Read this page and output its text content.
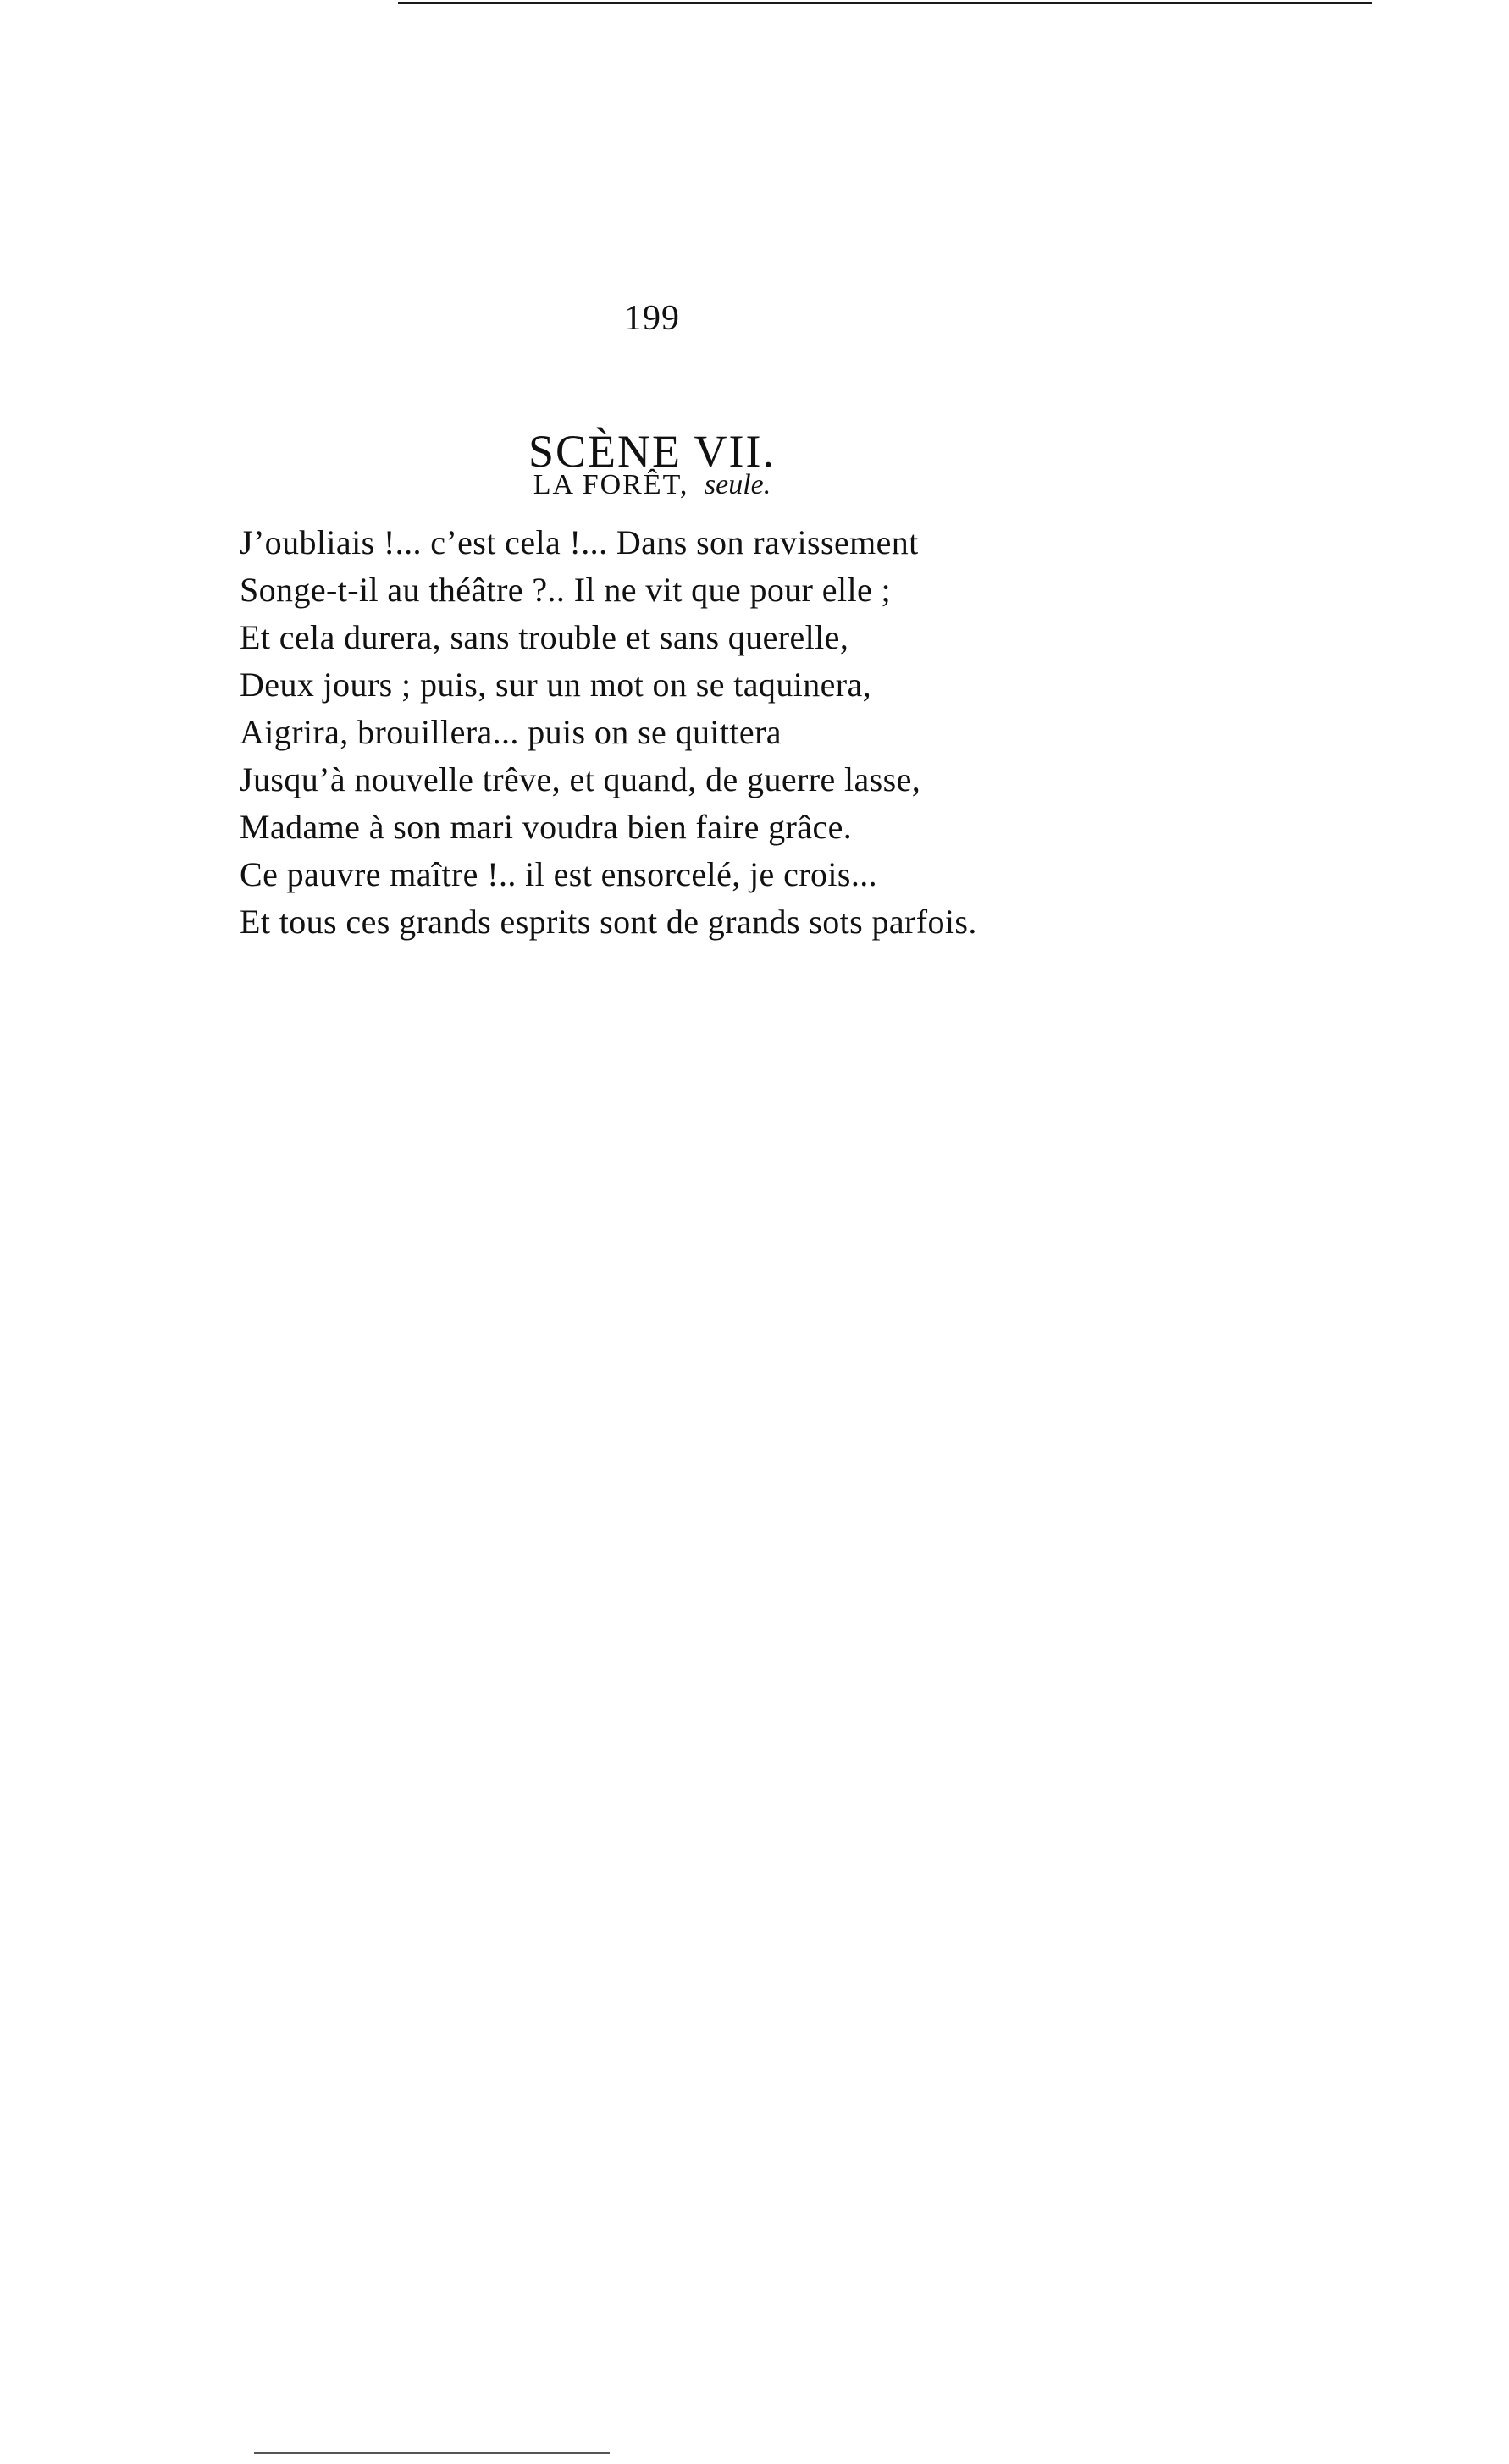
199
SCÈNE VII.
LA FORÊT, seule.
J’oubliais !... c’est cela !... Dans son ravissement
Songe-t-il au théâtre ?.. Il ne vit que pour elle ;
Et cela durera, sans trouble et sans querelle,
Deux jours ; puis, sur un mot on se taquinera,
Aigrira, brouillera... puis on se quittera
Jusqu’à nouvelle trêve, et quand, de guerre lasse,
Madame à son mari voudra bien faire grâce.
Ce pauvre maître !.. il est ensorcelé, je crois...
Et tous ces grands esprits sont de grands sots parfois.
